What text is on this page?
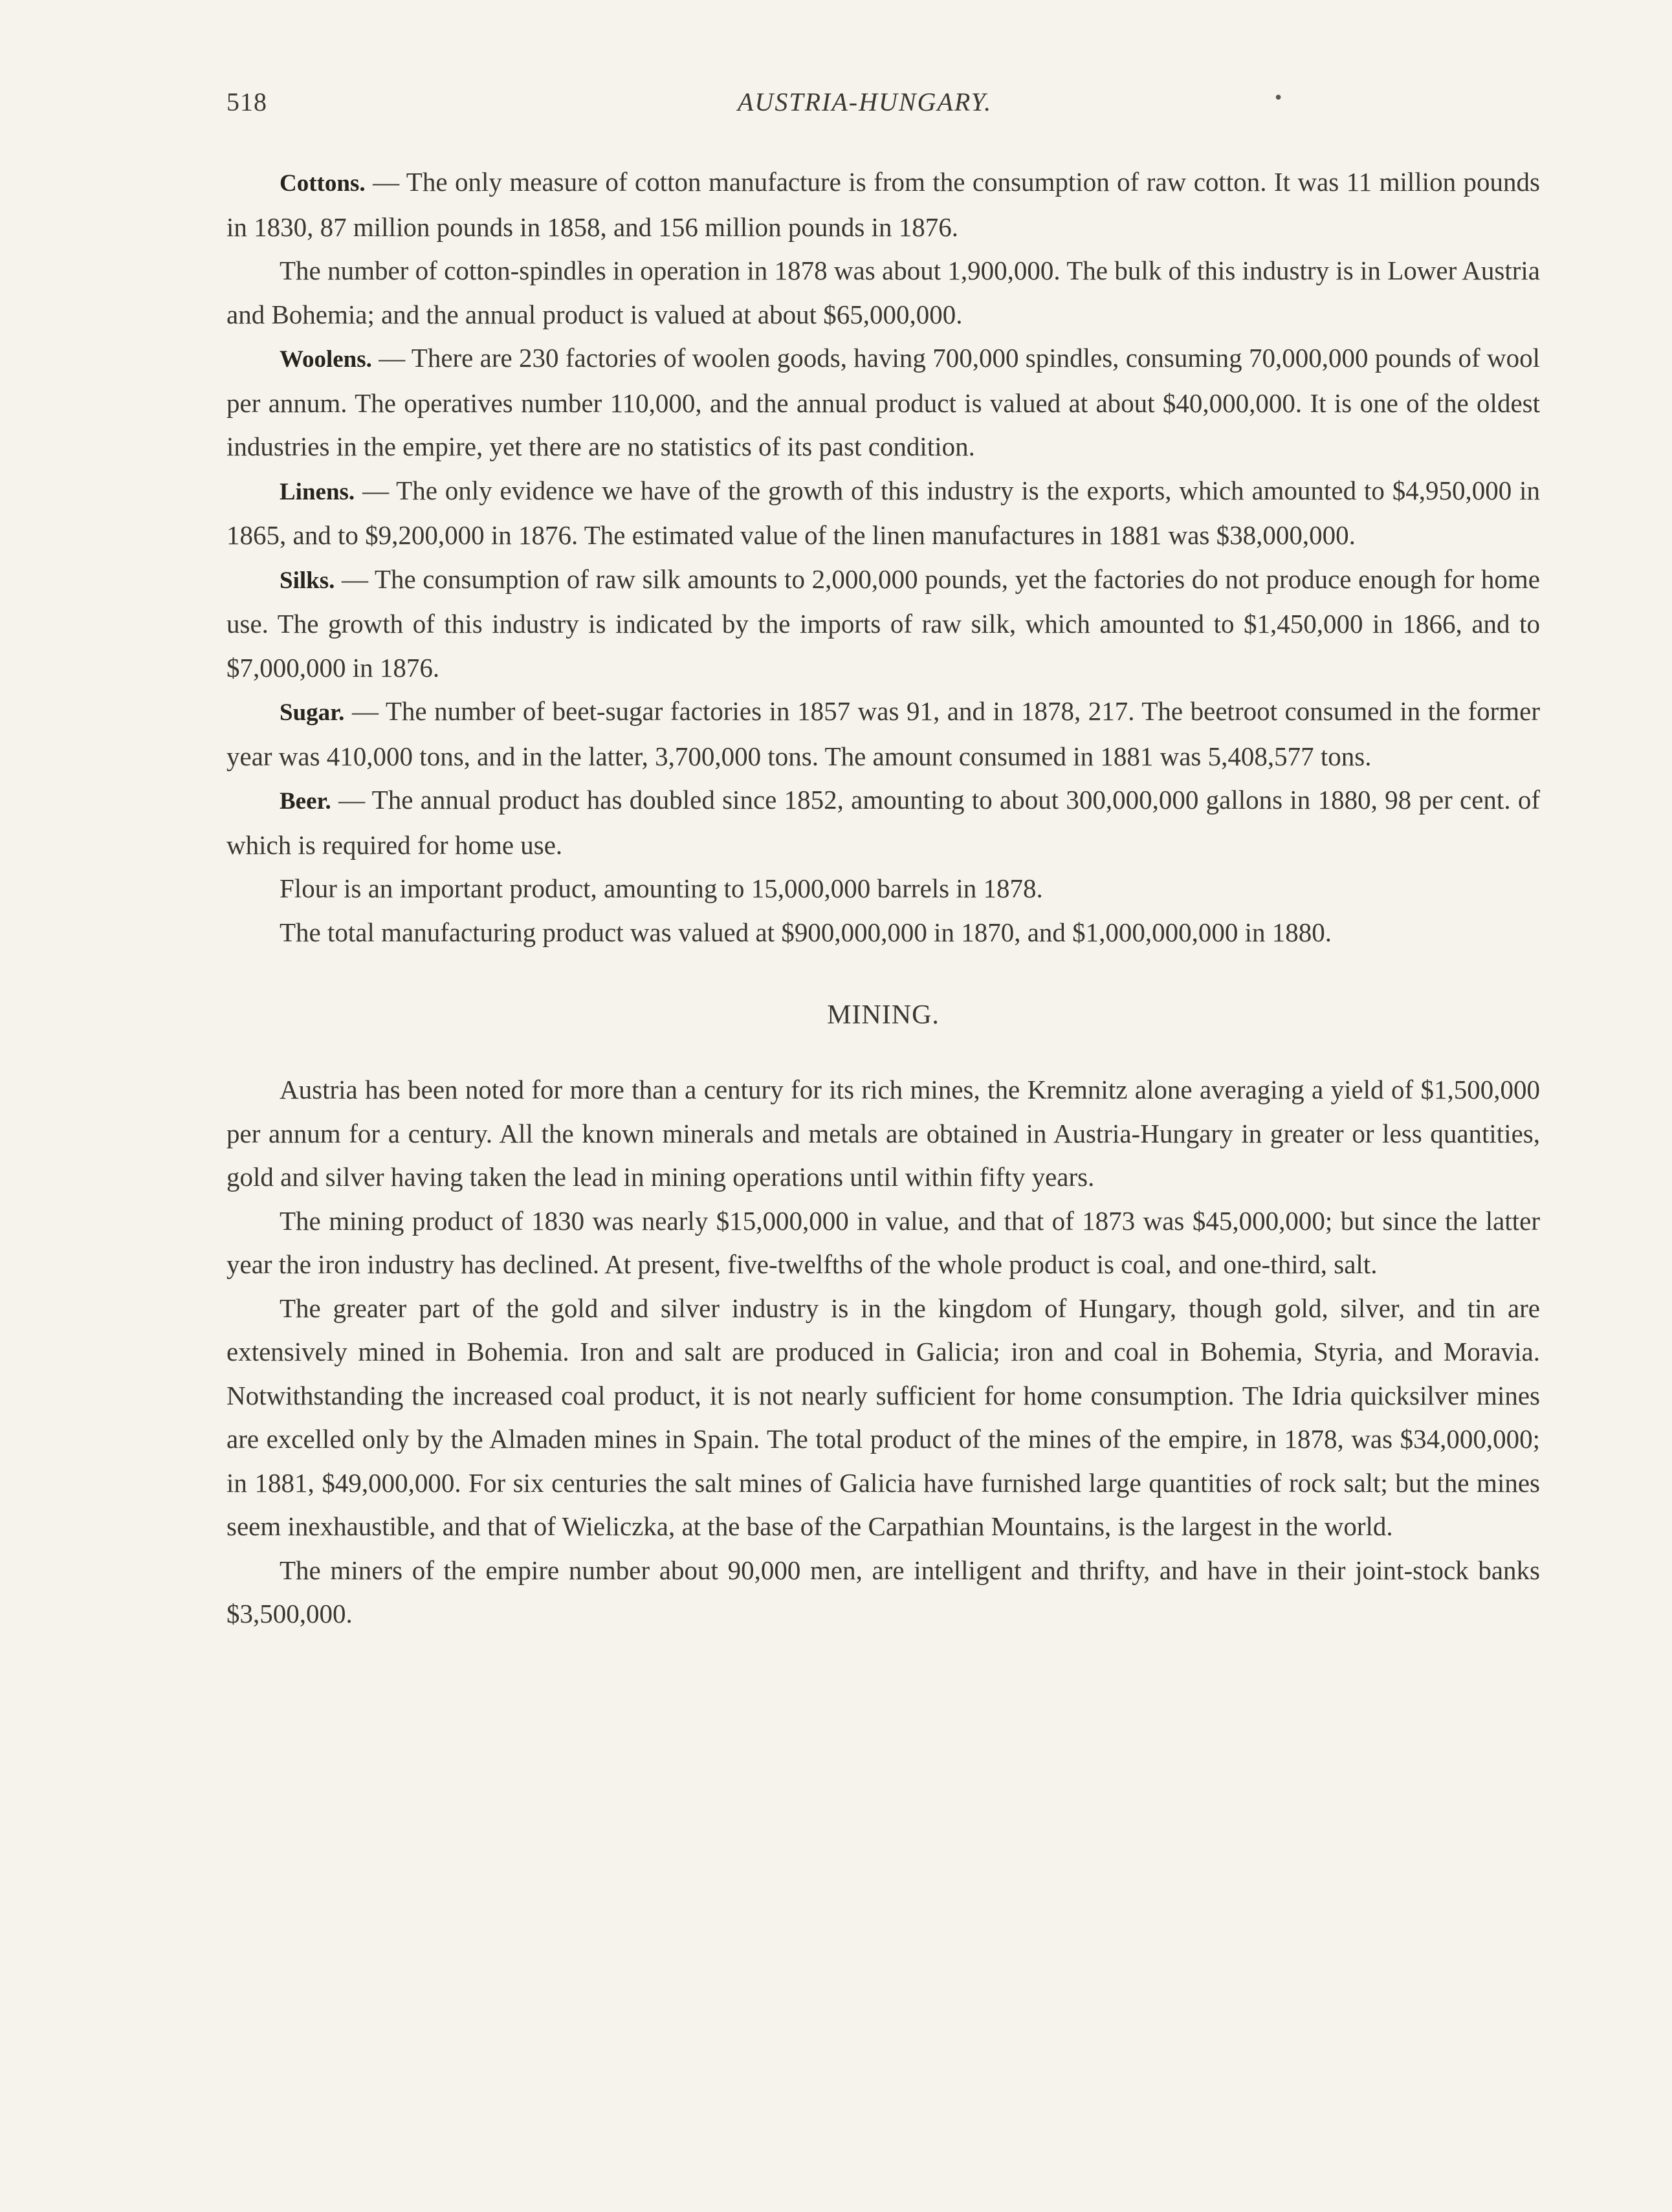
518	AUSTRIA-HUNGARY.	•

Cottons. — The only measure of cotton manufacture is from the consumption of raw cotton. It was 11 million pounds in 1830, 87 million pounds in 1858, and 156 million pounds in 1876.

The number of cotton-spindles in operation in 1878 was about 1,900,000. The bulk of this industry is in Lower Austria and Bohemia; and the annual product is valued at about $65,000,000.

Woolens. — There are 230 factories of woolen goods, having 700,000 spindles, consuming 70,000,000 pounds of wool per annum. The operatives number 110,000, and the annual product is valued at about $40,000,000. It is one of the oldest industries in the empire, yet there are no statistics of its past condition.

Linens. — The only evidence we have of the growth of this industry is the exports, which amounted to $4,950,000 in 1865, and to $9,200,000 in 1876. The estimated value of the linen manufactures in 1881 was $38,000,000.

Silks. — The consumption of raw silk amounts to 2,000,000 pounds, yet the factories do not produce enough for home use. The growth of this industry is indicated by the imports of raw silk, which amounted to $1,450,000 in 1866, and to $7,000,000 in 1876.

Sugar. — The number of beet-sugar factories in 1857 was 91, and in 1878, 217. The beetroot consumed in the former year was 410,000 tons, and in the latter, 3,700,000 tons. The amount consumed in 1881 was 5,408,577 tons.

Beer. — The annual product has doubled since 1852, amounting to about 300,000,000 gallons in 1880, 98 per cent. of which is required for home use.

Flour is an important product, amounting to 15,000,000 barrels in 1878.

The total manufacturing product was valued at $900,000,000 in 1870, and $1,000,000,000 in 1880.

MINING.

Austria has been noted for more than a century for its rich mines, the Kremnitz alone averaging a yield of $1,500,000 per annum for a century. All the known minerals and metals are obtained in Austria-Hungary in greater or less quantities, gold and silver having taken the lead in mining operations until within fifty years.

The mining product of 1830 was nearly $15,000,000 in value, and that of 1873 was $45,000,000; but since the latter year the iron industry has declined. At present, five-twelfths of the whole product is coal, and one-third, salt.

The greater part of the gold and silver industry is in the kingdom of Hungary, though gold, silver, and tin are extensively mined in Bohemia. Iron and salt are produced in Galicia; iron and coal in Bohemia, Styria, and Moravia. Notwithstanding the increased coal product, it is not nearly sufficient for home consumption. The Idria quicksilver mines are excelled only by the Almaden mines in Spain. The total product of the mines of the empire, in 1878, was $34,000,000; in 1881, $49,000,000. For six centuries the salt mines of Galicia have furnished large quantities of rock salt; but the mines seem inexhaustible, and that of Wieliczka, at the base of the Carpathian Mountains, is the largest in the world.

The miners of the empire number about 90,000 men, are intelligent and thrifty, and have in their joint-stock banks $3,500,000.
